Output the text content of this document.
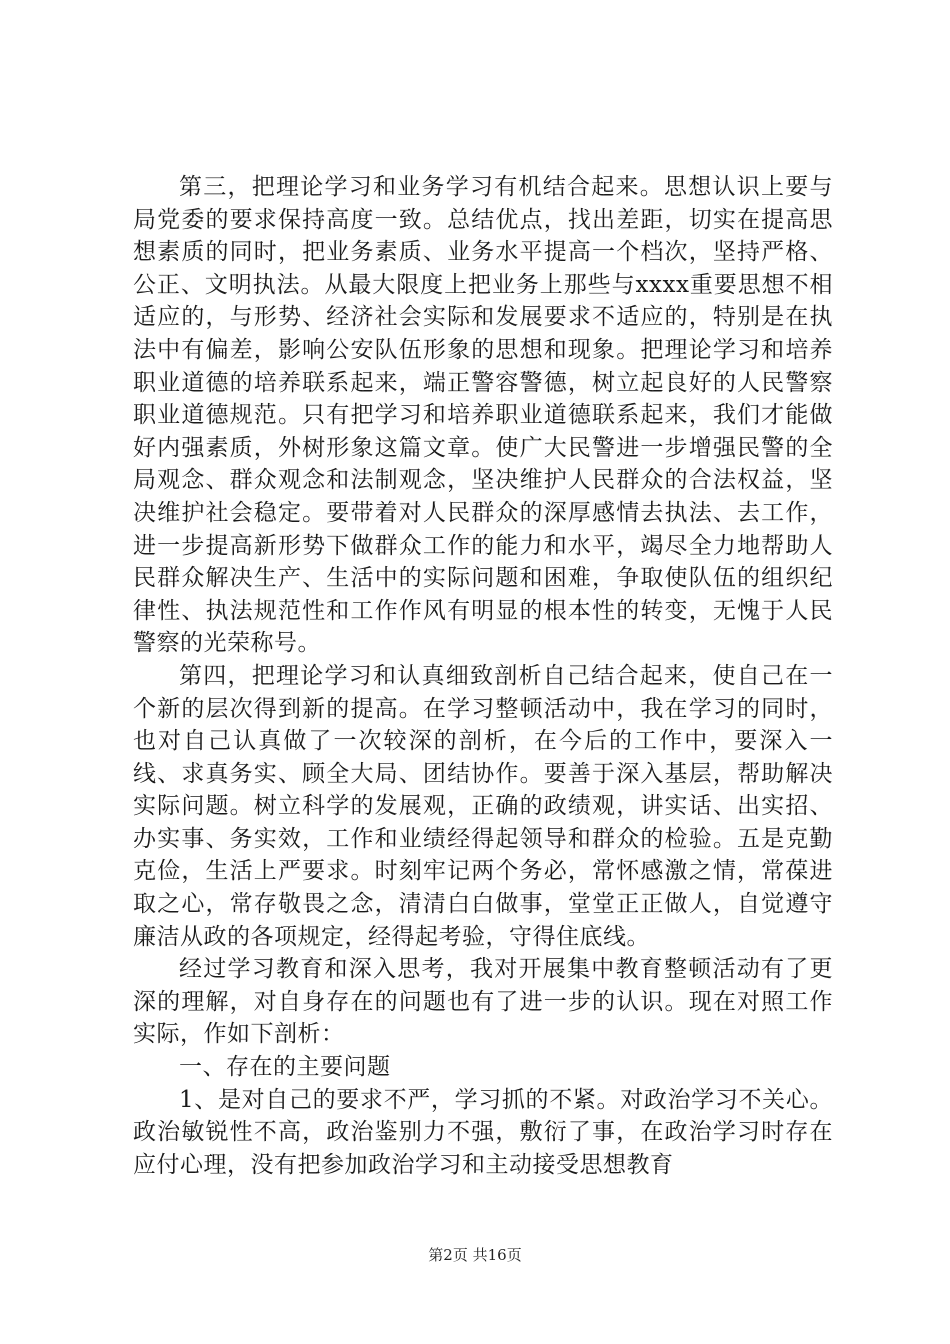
第三，把理论学习和业务学习有机结合起来。思想认识上要与局党委的要求保持高度一致。总结优点，找出差距，切实在提高思想素质的同时，把业务素质、业务水平提高一个档次，坚持严格、公正、文明执法。从最大限度上把业务上那些与xxxx重要思想不相适应的，与形势、经济社会实际和发展要求不适应的，特别是在执法中有偏差，影响公安队伍形象的思想和现象。把理论学习和培养职业道德的培养联系起来，端正警容警德，树立起良好的人民警察职业道德规范。只有把学习和培养职业道德联系起来，我们才能做好内强素质，外树形象这篇文章。使广大民警进一步增强民警的全局观念、群众观念和法制观念，坚决维护人民群众的合法权益，坚决维护社会稳定。要带着对人民群众的深厚感情去执法、去工作，进一步提高新形势下做群众工作的能力和水平，竭尽全力地帮助人民群众解决生产、生活中的实际问题和困难，争取使队伍的组织纪律性、执法规范性和工作作风有明显的根本性的转变，无愧于人民警察的光荣称号。

第四，把理论学习和认真细致剖析自己结合起来，使自己在一个新的层次得到新的提高。在学习整顿活动中，我在学习的同时，也对自己认真做了一次较深的剖析，在今后的工作中，要深入一线、求真务实、顾全大局、团结协作。要善于深入基层，帮助解决实际问题。树立科学的发展观，正确的政绩观，讲实话、出实招、办实事、务实效，工作和业绩经得起领导和群众的检验。五是克勤克俭，生活上严要求。时刻牢记两个务必，常怀感激之情，常葆进取之心，常存敬畏之念，清清白白做事，堂堂正正做人，自觉遵守廉洁从政的各项规定，经得起考验，守得住底线。

经过学习教育和深入思考，我对开展集中教育整顿活动有了更深的理解，对自身存在的问题也有了进一步的认识。现在对照工作实际，作如下剖析：

一、存在的主要问题

1、是对自己的要求不严，学习抓的不紧。对政治学习不关心。政治敏锐性不高，政治鉴别力不强，敷衍了事，在政治学习时存在应付心理，没有把参加政治学习和主动接受思想教育

第2页 共16页
